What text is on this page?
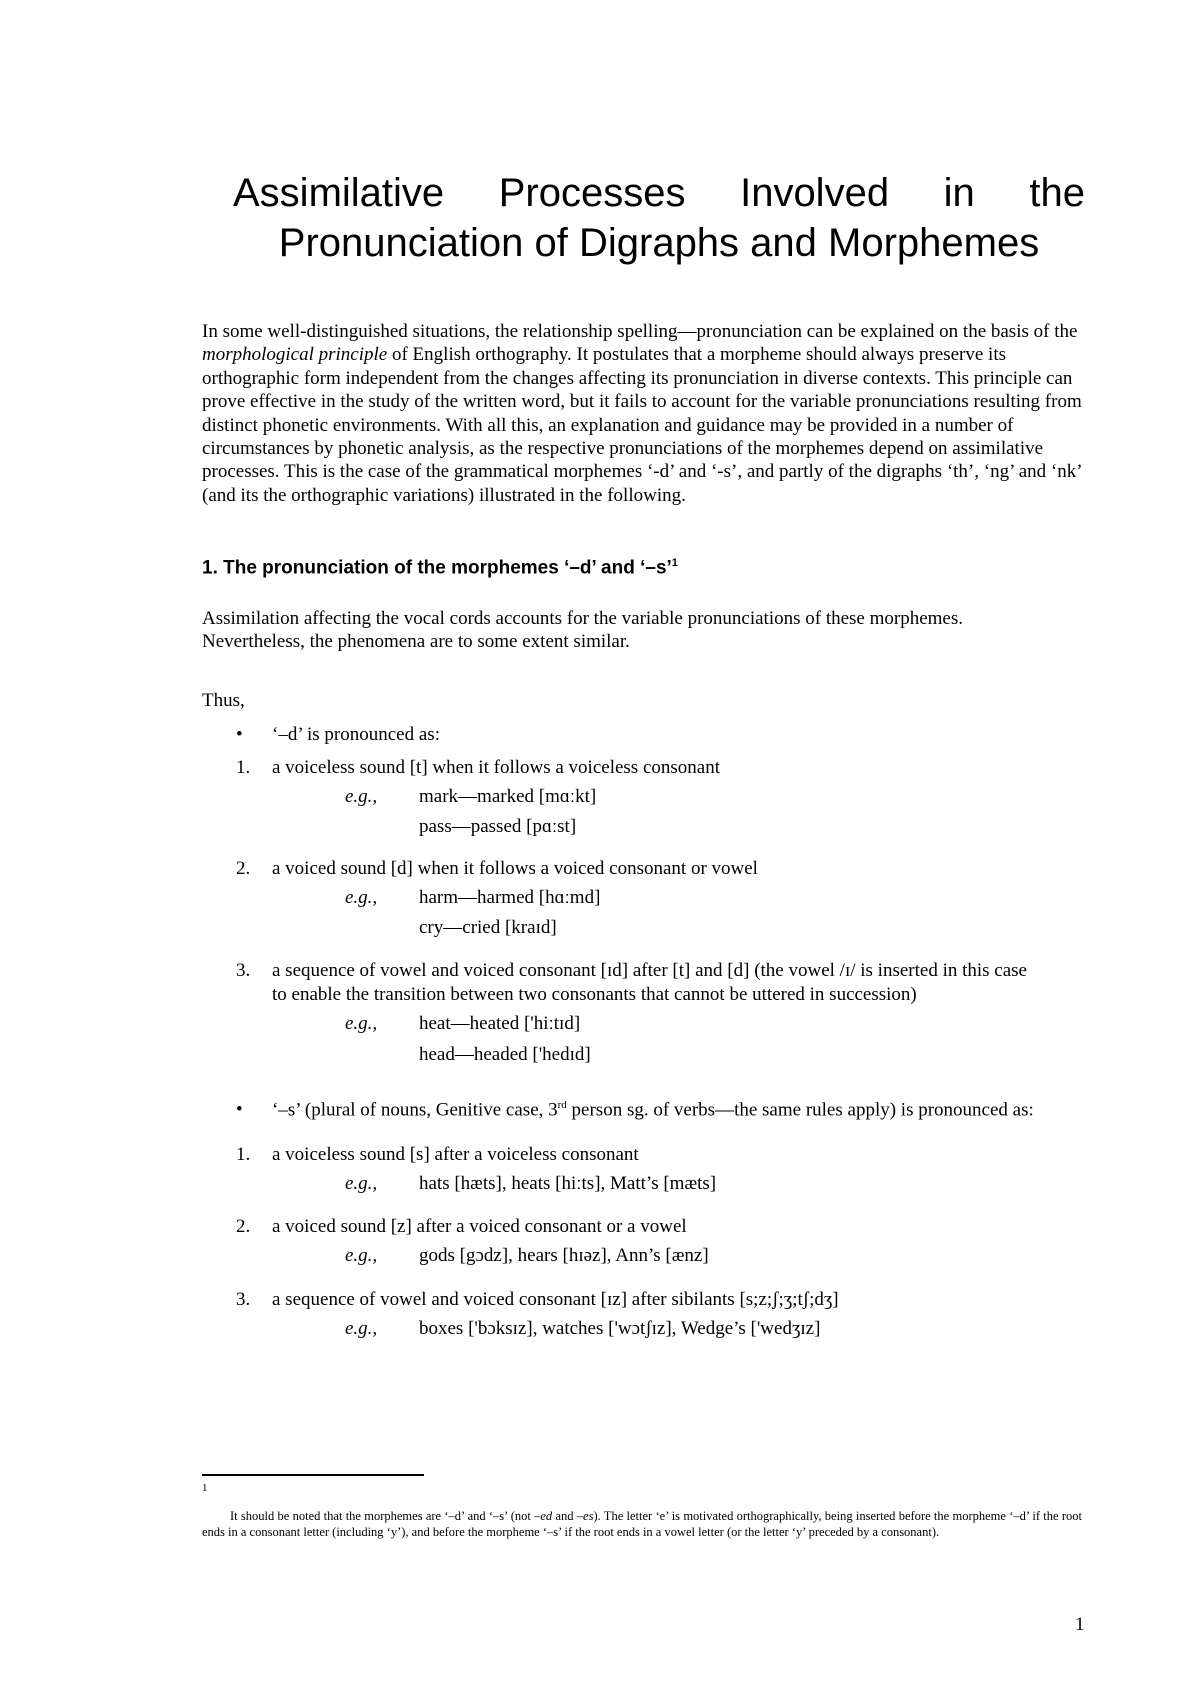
Assimilative Processes Involved in the
Pronunciation of Digraphs and Morphemes
In some well-distinguished situations, the relationship spelling—pronunciation can be explained on the basis of the morphological principle of English orthography. It postulates that a morpheme should always preserve its orthographic form independent from the changes affecting its pronunciation in diverse contexts. This principle can prove effective in the study of the written word, but it fails to account for the variable pronunciations resulting from distinct phonetic environments. With all this, an explanation and guidance may be provided in a number of circumstances by phonetic analysis, as the respective pronunciations of the morphemes depend on assimilative processes. This is the case of the grammatical morphemes ‘-d’ and ‘-s’, and partly of the digraphs ‘th’, ‘ng’ and ‘nk’ (and its the orthographic variations) illustrated in the following.
1. The pronunciation of the morphemes ‘–d’ and ‘–s’$^1$
Assimilation affecting the vocal cords accounts for the variable pronunciations of these morphemes.
Nevertheless, the phenomena are to some extent similar.
Thus,
• ‘–d’ is pronounced as:
1. a voiceless sound [t] when it follows a voiceless consonant
e.g., mark—marked [mɑːkt]
pass—passed [pɑːst]
2. a voiced sound [d] when it follows a voiced consonant or vowel
e.g., harm—harmed [hɑːmd]
cry—cried [kraɪd]
3. a sequence of vowel and voiced consonant [ɪd] after [t] and [d] (the vowel /ɪ/ is inserted in this case
to enable the transition between two consonants that cannot be uttered in succession)
e.g., heat—heated ['hiːtɪd]
head—headed ['hedɪd]
• ‘–s’ (plural of nouns, Genitive case, 3rd person sg. of verbs—the same rules apply) is pronounced as:
1. a voiceless sound [s] after a voiceless consonant
e.g., hats [hæts], heats [hiːts], Matt’s [mæts]
2. a voiced sound [z] after a voiced consonant or a vowel
e.g., gods [gɔdz], hears [hɪəz], Ann’s [ænz]
3. a sequence of vowel and voiced consonant [ɪz] after sibilants [s;z;ʃ;ʒ;tʃ;dʒ]
e.g., boxes ['bɔksɪz], watches ['wɔtʃɪz], Wedge’s ['wedʒɪz]
1
It should be noted that the morphemes are ‘–d’ and ‘–s’ (not –ed and –es). The letter ‘e’ is motivated orthographically, being inserted before the morpheme ‘–d’ if the root ends in a consonant letter (including ‘y’), and before the morpheme ‘–s’ if the root ends in a vowel letter (or the letter ‘y’ preceded by a consonant).
1
